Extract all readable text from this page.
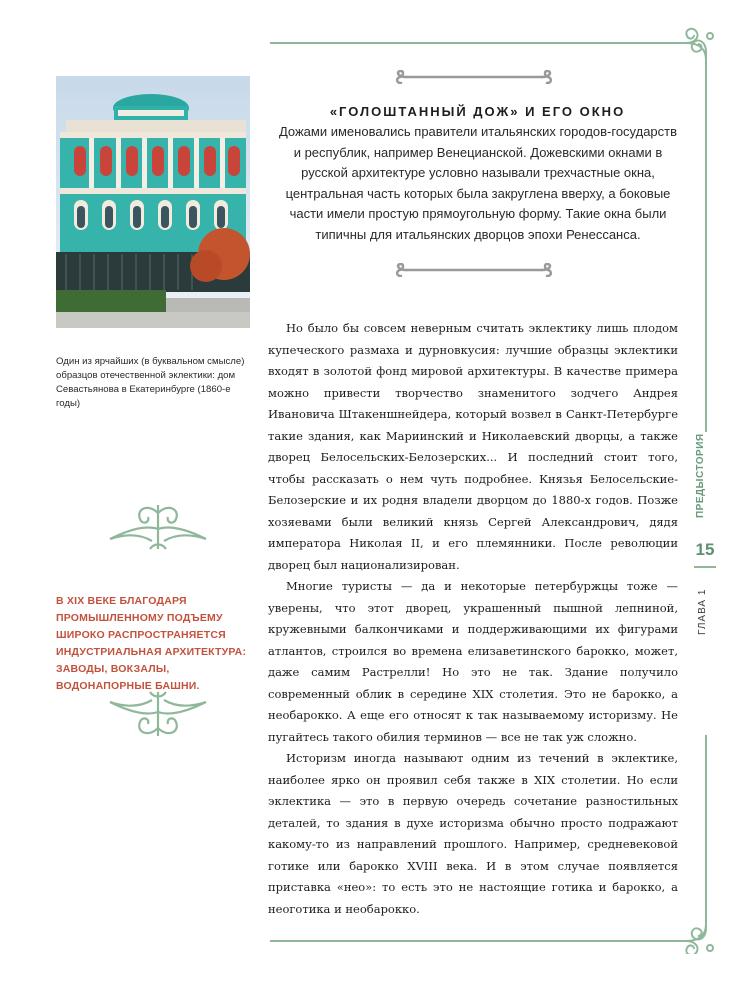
Один из ярчайших (в буквальном смысле) образцов отечественной эклектики: дом Севастьянова в Екатеринбурге (1860-е годы)
В XIX ВЕКЕ БЛАГОДАРЯ ПРОМЫШЛЕННОМУ ПОДЪЕМУ ШИРОКО РАСПРОСТРАНЯЕТСЯ ИНДУСТРИАЛЬНАЯ АРХИТЕКТУРА: ЗАВОДЫ, ВОКЗАЛЫ, ВОДОНАПОРНЫЕ БАШНИ.
«ГОЛОШТАННЫЙ ДОЖ» И ЕГО ОКНО
Дожами именовались правители итальянских городов-государств и республик, например Венецианской. Дожевскими окнами в русской архитектуре условно называли трехчастные окна, центральная часть которых была закруглена вверху, а боковые части имели простую прямоугольную форму. Такие окна были типичны для итальянских дворцов эпохи Ренессанса.

Но было бы совсем неверным считать эклектику лишь плодом купеческого размаха и дурновкусия: лучшие образцы эклектики входят в золотой фонд мировой архитектуры. В качестве примера можно привести творчество знаменитого зодчего Андрея Ивановича Штакеншнейдера, который возвел в Санкт-Петербурге такие здания, как Мариинский и Николаевский дворцы, а также дворец Белосельских-Белозерских... И последний стоит того, чтобы рассказать о нем чуть подробнее. Князья Белосельские-Белозерские и их родня владели дворцом до 1880-х годов. Позже хозяевами были великий князь Сергей Александрович, дядя императора Николая II, и его племянники. После революции дворец был национализирован.

Многие туристы — да и некоторые петербуржцы тоже — уверены, что этот дворец, украшенный пышной лепниной, кружевными балкончиками и поддерживающими их фигурами атлантов, строился во времена елизаветинского барокко, может, даже самим Растрелли! Но это не так. Здание получило современный облик в середине XIX столетия. Это не барокко, а необарокко. А еще его относят к так называемому историзму. Не пугайтесь такого обилия терминов — все не так уж сложно.

Историзм иногда называют одним из течений в эклектике, наиболее ярко он проявил себя также в XIX столетии. Но если эклектика — это в первую очередь сочетание разностильных деталей, то здания в духе историзма обычно просто подражают какому-то из направлений прошлого. Например, средневековой готике или барокко XVIII века. И в этом случае появляется приставка «нео»: то есть это не настоящие готика и барокко, а неоготика и необарокко.

ПРЕДЫСТОРИЯ
15
ГЛАВА 1
